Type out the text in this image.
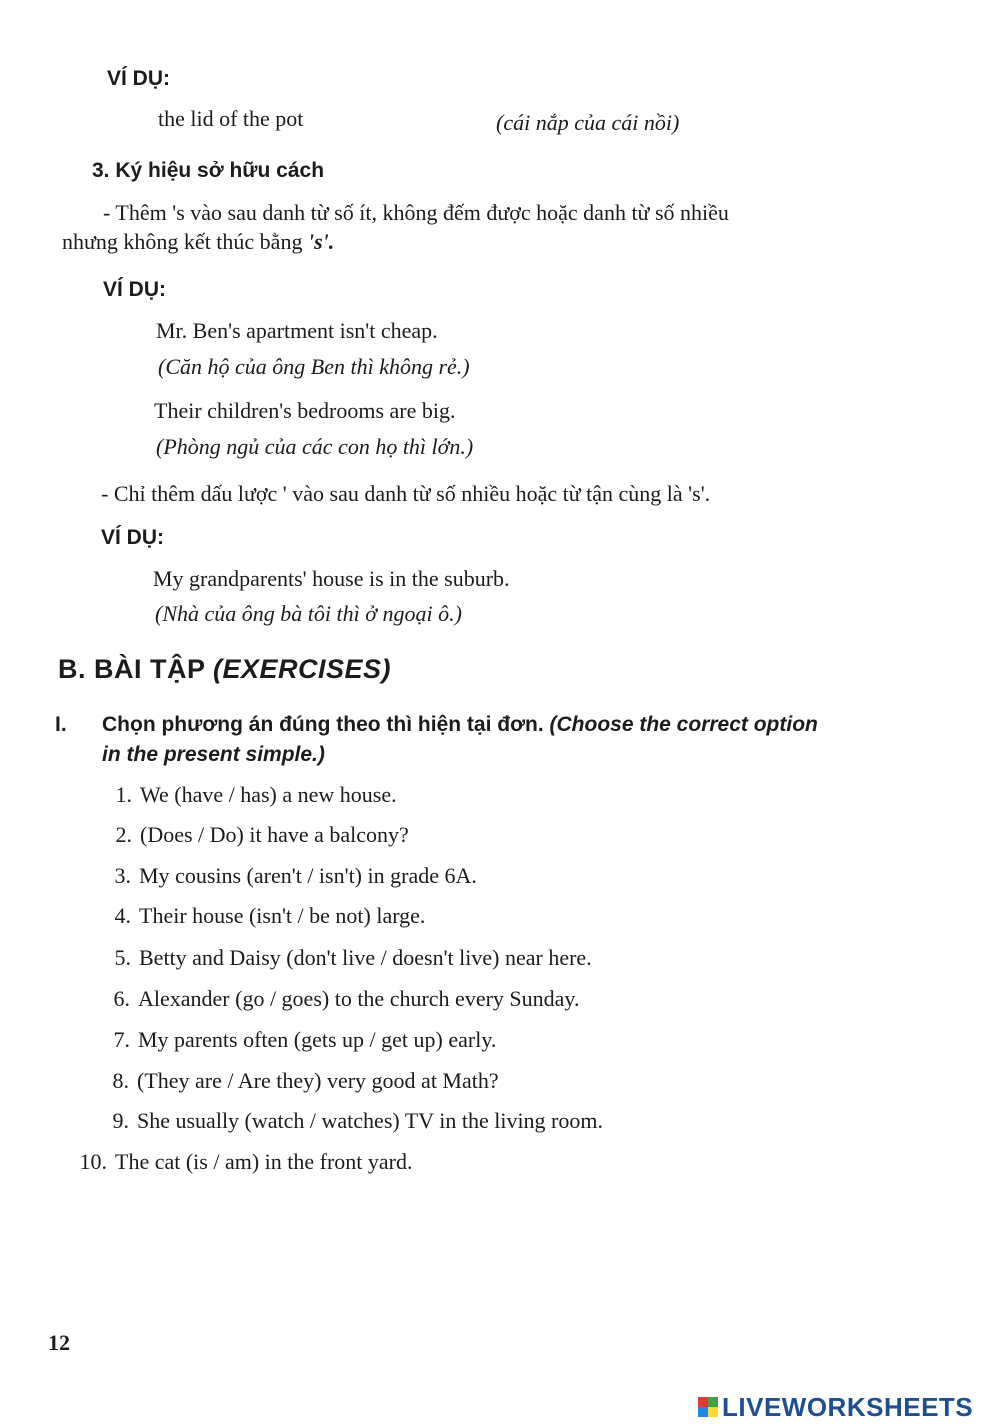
VÍ DỤ:
the lid of the pot	(cái nắp của cái nồi)
3. Ký hiệu sở hữu cách
- Thêm 's vào sau danh từ số ít, không đếm được hoặc danh từ số nhiều
nhưng không kết thúc bằng 's'.
VÍ DỤ:
Mr. Ben's apartment isn't cheap.
(Căn hộ của ông Ben thì không rẻ.)
Their children's bedrooms are big.
(Phòng ngủ của các con họ thì lớn.)
- Chỉ thêm dấu lược ' vào sau danh từ số nhiều hoặc từ tận cùng là 's'.
VÍ DỤ:
My grandparents' house is in the suburb.
(Nhà của ông bà tôi thì ở ngoại ô.)
B. BÀI TẬP (EXERCISES)
I. Chọn phương án đúng theo thì hiện tại đơn. (Choose the correct option
in the present simple.)
1. We (have / has) a new house.
2. (Does / Do) it have a balcony?
3. My cousins (aren't / isn't) in grade 6A.
4. Their house (isn't / be not) large.
5. Betty and Daisy (don't live / doesn't live) near here.
6. Alexander (go / goes) to the church every Sunday.
7. My parents often (gets up / get up) early.
8. (They are / Are they) very good at Math?
9. She usually (watch / watches) TV in the living room.
10. The cat (is / am) in the front yard.
12
LIVEWORKSHEETS
